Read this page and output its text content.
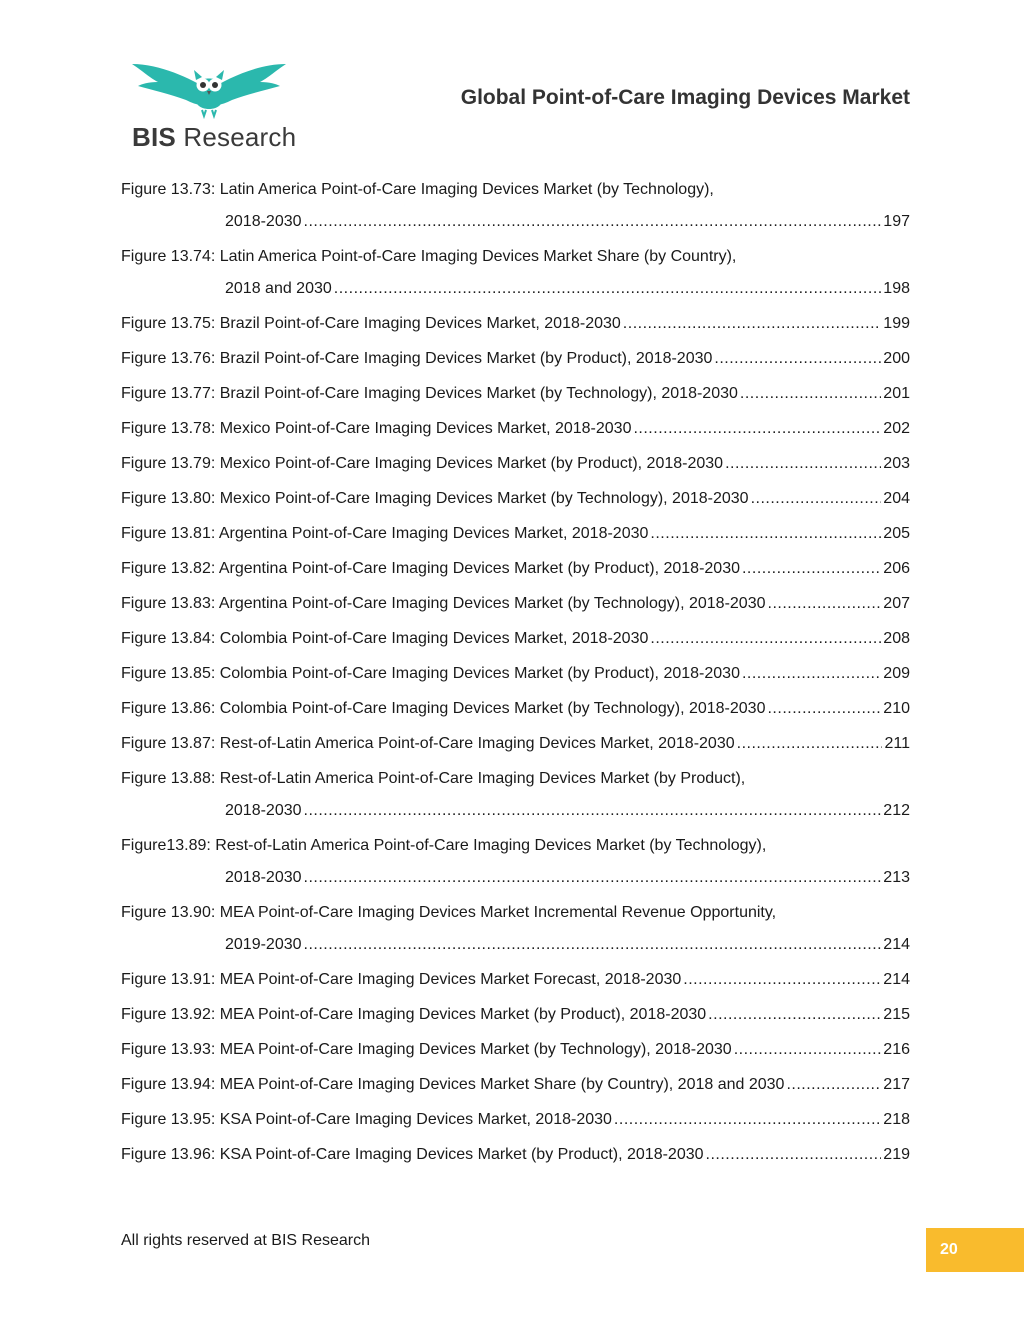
BIS Research
Global Point-of-Care Imaging Devices Market
Figure 13.73: Latin America Point-of-Care Imaging Devices Market (by Technology),
2018-2030 .....	197
Figure 13.74: Latin America Point-of-Care Imaging Devices Market Share (by Country),
2018 and 2030 .....	198
Figure 13.75: Brazil Point-of-Care Imaging Devices Market, 2018-2030 .....	199
Figure 13.76: Brazil Point-of-Care Imaging Devices Market (by Product), 2018-2030 .....	200
Figure 13.77: Brazil Point-of-Care Imaging Devices Market (by Technology), 2018-2030 .....	201
Figure 13.78: Mexico Point-of-Care Imaging Devices Market, 2018-2030 .....	202
Figure 13.79: Mexico Point-of-Care Imaging Devices Market (by Product), 2018-2030 .....	203
Figure 13.80: Mexico Point-of-Care Imaging Devices Market (by Technology), 2018-2030 .....	204
Figure 13.81: Argentina Point-of-Care Imaging Devices Market, 2018-2030 .....	205
Figure 13.82: Argentina Point-of-Care Imaging Devices Market (by Product), 2018-2030 .....	206
Figure 13.83: Argentina Point-of-Care Imaging Devices Market (by Technology), 2018-2030 .....	207
Figure 13.84: Colombia Point-of-Care Imaging Devices Market, 2018-2030 .....	208
Figure 13.85: Colombia Point-of-Care Imaging Devices Market (by Product), 2018-2030 .....	209
Figure 13.86: Colombia Point-of-Care Imaging Devices Market (by Technology), 2018-2030 .....	210
Figure 13.87: Rest-of-Latin America Point-of-Care Imaging Devices Market, 2018-2030 .....	211
Figure 13.88: Rest-of-Latin America Point-of-Care Imaging Devices Market (by Product),
2018-2030 .....	212
Figure13.89: Rest-of-Latin America Point-of-Care Imaging Devices Market (by Technology),
2018-2030 .....	213
Figure 13.90: MEA Point-of-Care Imaging Devices Market Incremental Revenue Opportunity,
2019-2030 .....	214
Figure 13.91: MEA Point-of-Care Imaging Devices Market Forecast, 2018-2030 .....	214
Figure 13.92: MEA Point-of-Care Imaging Devices Market (by Product), 2018-2030 .....	215
Figure 13.93: MEA Point-of-Care Imaging Devices Market (by Technology), 2018-2030 .....	216
Figure 13.94: MEA Point-of-Care Imaging Devices Market Share (by Country), 2018 and 2030 .....	217
Figure 13.95: KSA Point-of-Care Imaging Devices Market, 2018-2030 .....	218
Figure 13.96: KSA Point-of-Care Imaging Devices Market (by Product), 2018-2030 .....	219
All rights reserved at BIS Research
20
